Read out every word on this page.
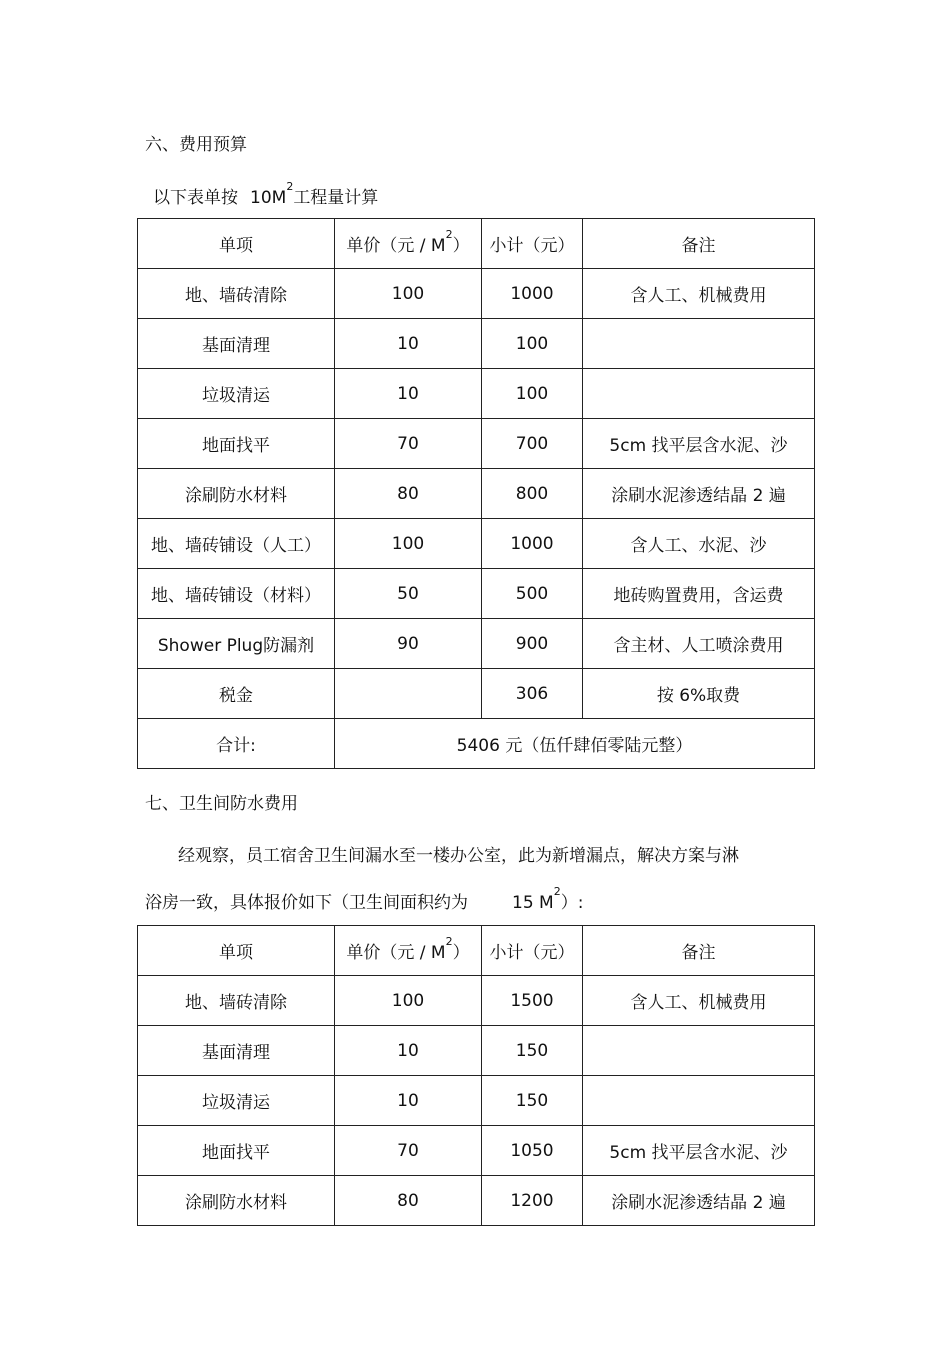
六、费用预算
以下表单按 $10M^2$工程量计算
单项	单价（元 / $M^2$）	小计（元）	备注
地、墙砖清除	100	1000	含人工、机械费用
基面清理	10	100	
垃圾清运	10	100	
地面找平	70	700	5cm 找平层含水泥、沙
涂刷防水材料	80	800	涂刷水泥渗透结晶 2 遍
地、墙砖铺设（人工）	100	1000	含人工、水泥、沙
地、墙砖铺设（材料）	50	500	地砖购置费用，含运费
Shower Plug防漏剂	90	900	含主材、人工喷涂费用
税金		306	按 6%取费
合计:	5406 元（伍仟肆佰零陆元整）		
七、卫生间防水费用
经观察，员工宿舍卫生间漏水至一楼办公室，此为新增漏点，解决方案与淋
浴房一致，具体报价如下（卫生间面积约为	15 $M^2$）:
单项	单价（元 / $M^2$）	小计（元）	备注
地、墙砖清除	100	1500	含人工、机械费用
基面清理	10	150	
垃圾清运	10	150	
地面找平	70	1050	5cm 找平层含水泥、沙
涂刷防水材料	80	1200	涂刷水泥渗透结晶 2 遍
